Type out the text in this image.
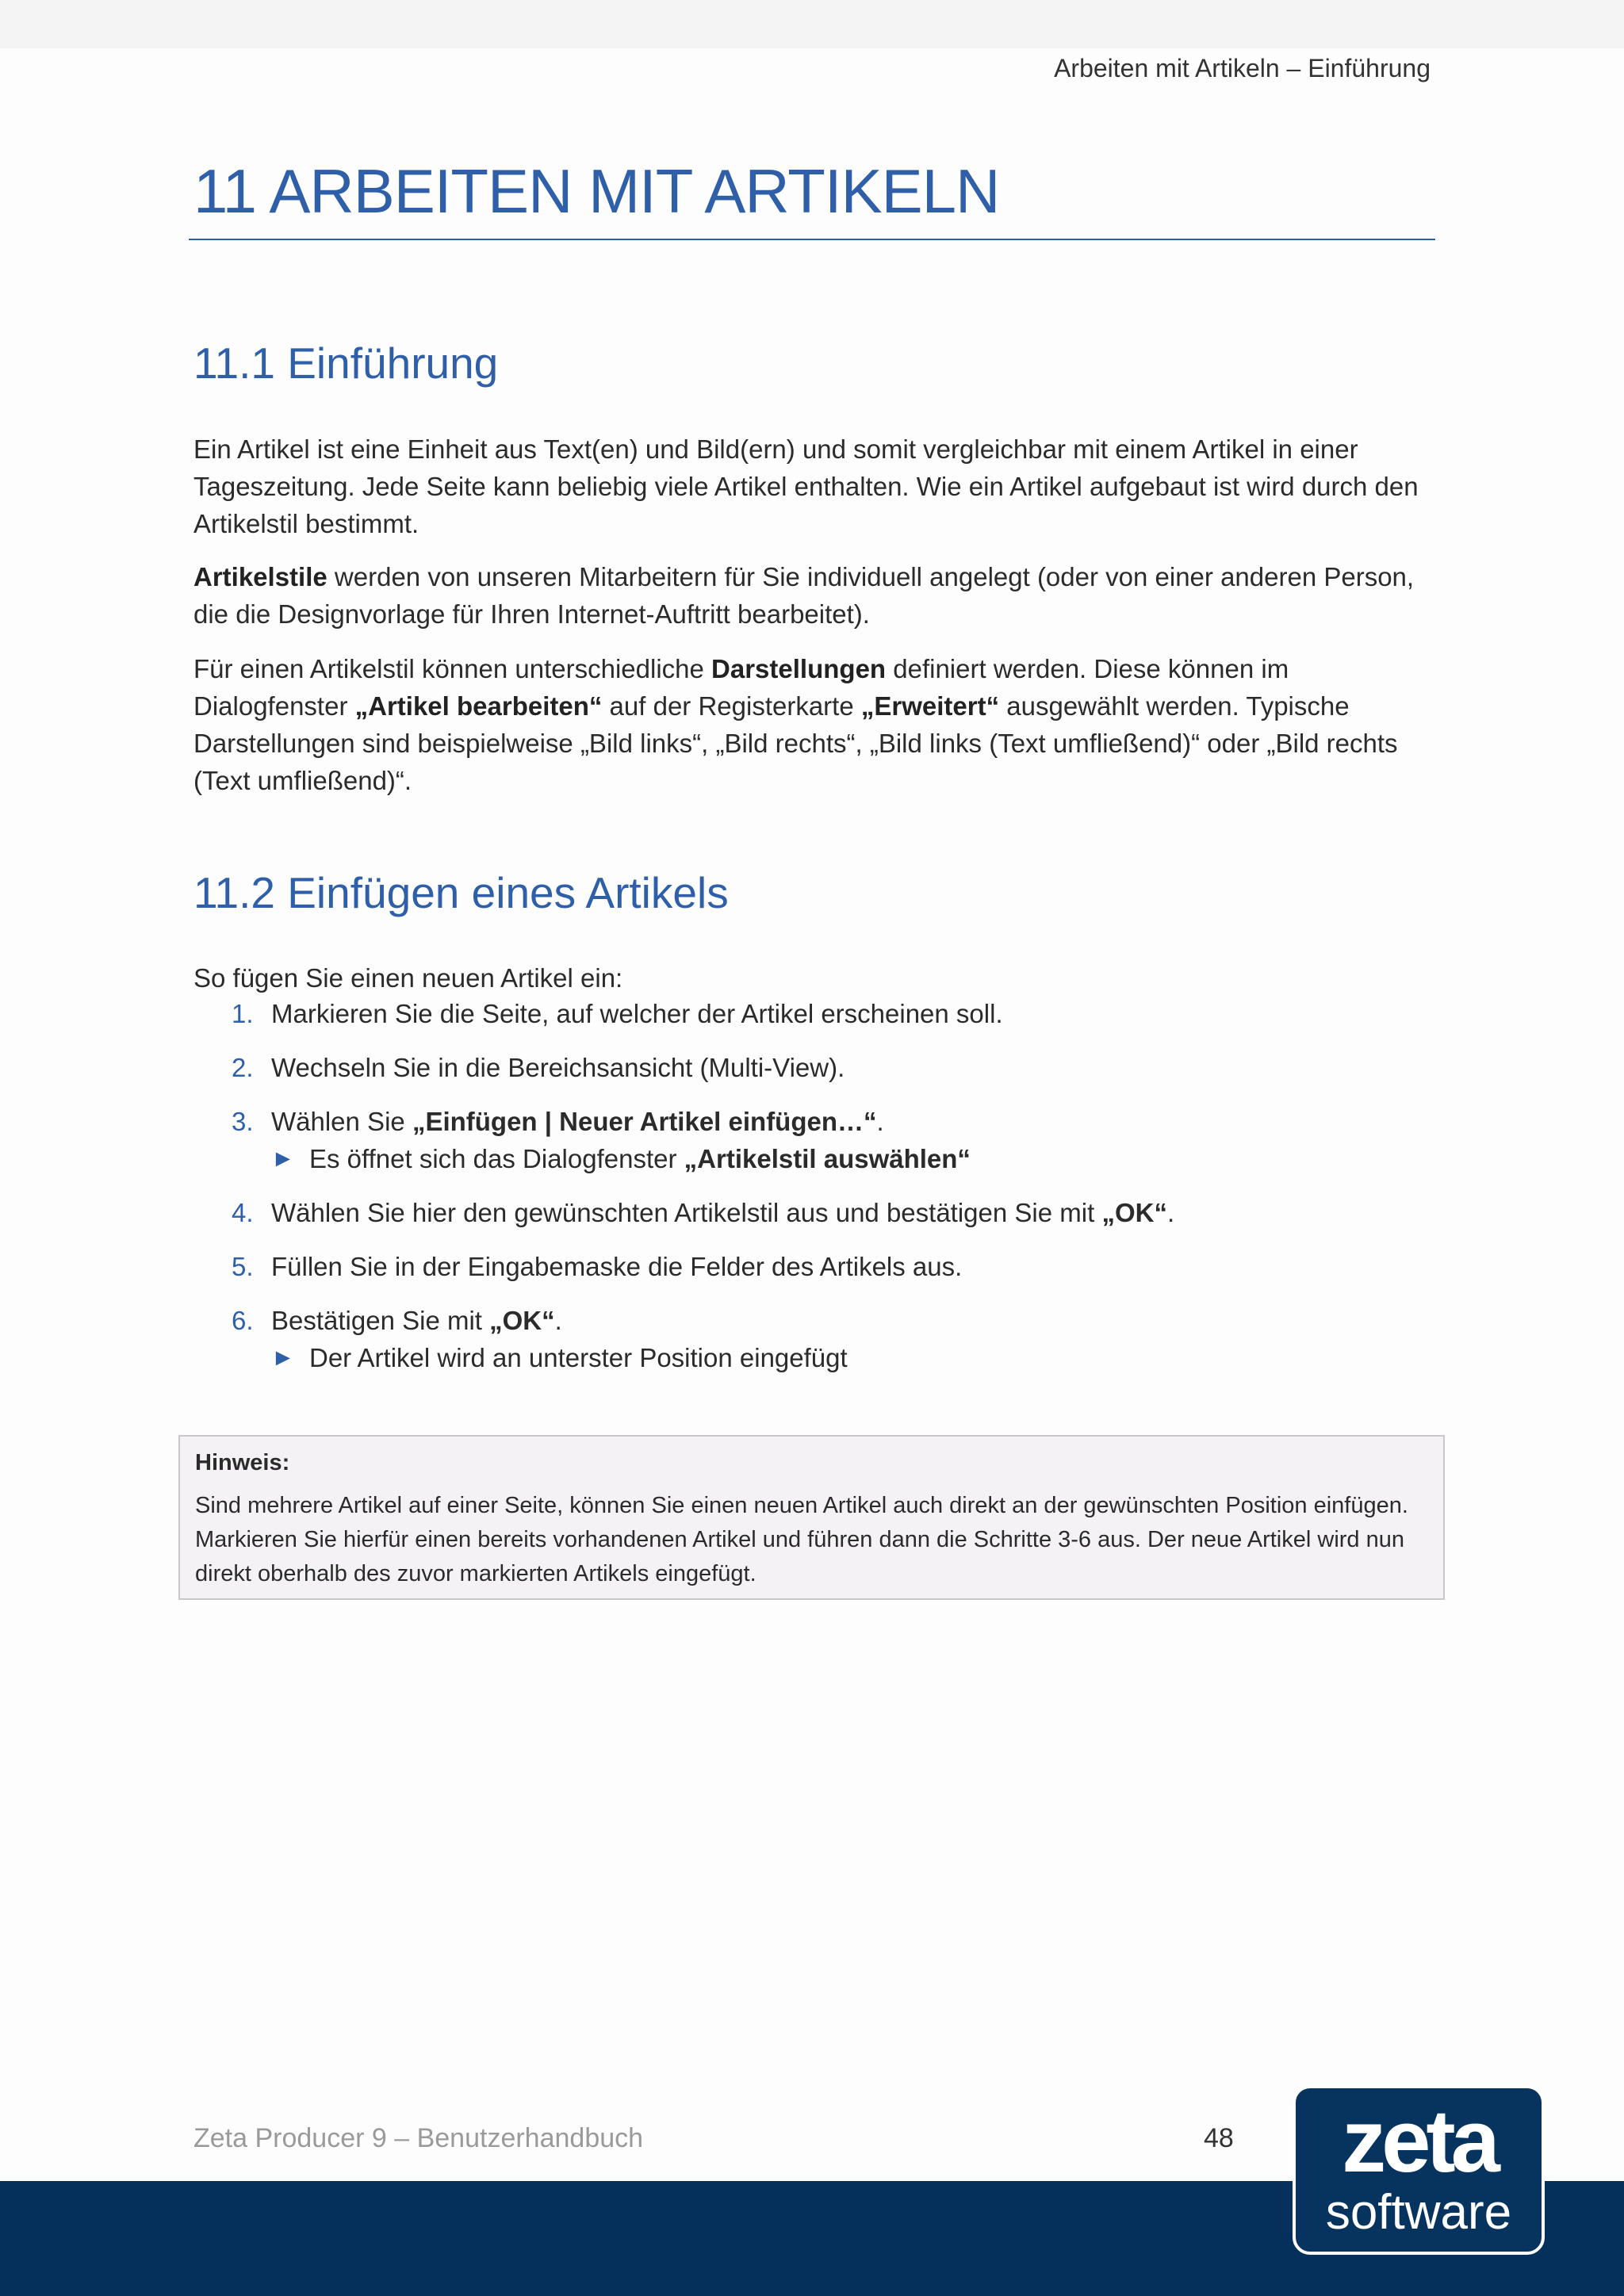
Arbeiten mit Artikeln – Einführung
11 ARBEITEN MIT ARTIKELN
11.1 Einführung

Ein Artikel ist eine Einheit aus Text(en) und Bild(ern) und somit vergleichbar mit einem Artikel in einer Tageszeitung. Jede Seite kann beliebig viele Artikel enthalten. Wie ein Artikel aufgebaut ist wird durch den Artikelstil bestimmt.

Artikelstile werden von unseren Mitarbeitern für Sie individuell angelegt (oder von einer anderen Person, die die Designvorlage für Ihren Internet-Auftritt bearbeitet).

Für einen Artikelstil können unterschiedliche Darstellungen definiert werden. Diese können im Dialogfenster „Artikel bearbeiten“ auf der Registerkarte „Erweitert“ ausgewählt werden. Typische Darstellungen sind beispielweise „Bild links“, „Bild rechts“, „Bild links (Text umfließend)“ oder „Bild rechts (Text umfließend)“.

11.2 Einfügen eines Artikels

So fügen Sie einen neuen Artikel ein:

1. Markieren Sie die Seite, auf welcher der Artikel erscheinen soll.
2. Wechseln Sie in die Bereichsansicht (Multi-View).
3. Wählen Sie „Einfügen | Neuer Artikel einfügen…“.
► Es öffnet sich das Dialogfenster „Artikelstil auswählen“
4. Wählen Sie hier den gewünschten Artikelstil aus und bestätigen Sie mit „OK“.
5. Füllen Sie in der Eingabemaske die Felder des Artikels aus.
6. Bestätigen Sie mit „OK“.
► Der Artikel wird an unterster Position eingefügt
Hinweis:
Sind mehrere Artikel auf einer Seite, können Sie einen neuen Artikel auch direkt an der gewünschten Position einfügen. Markieren Sie hierfür einen bereits vorhandenen Artikel und führen dann die Schritte 3-6 aus. Der neue Artikel wird nun direkt oberhalb des zuvor markierten Artikels eingefügt.
Zeta Producer 9 – Benutzerhandbuch	48	zeta
software
